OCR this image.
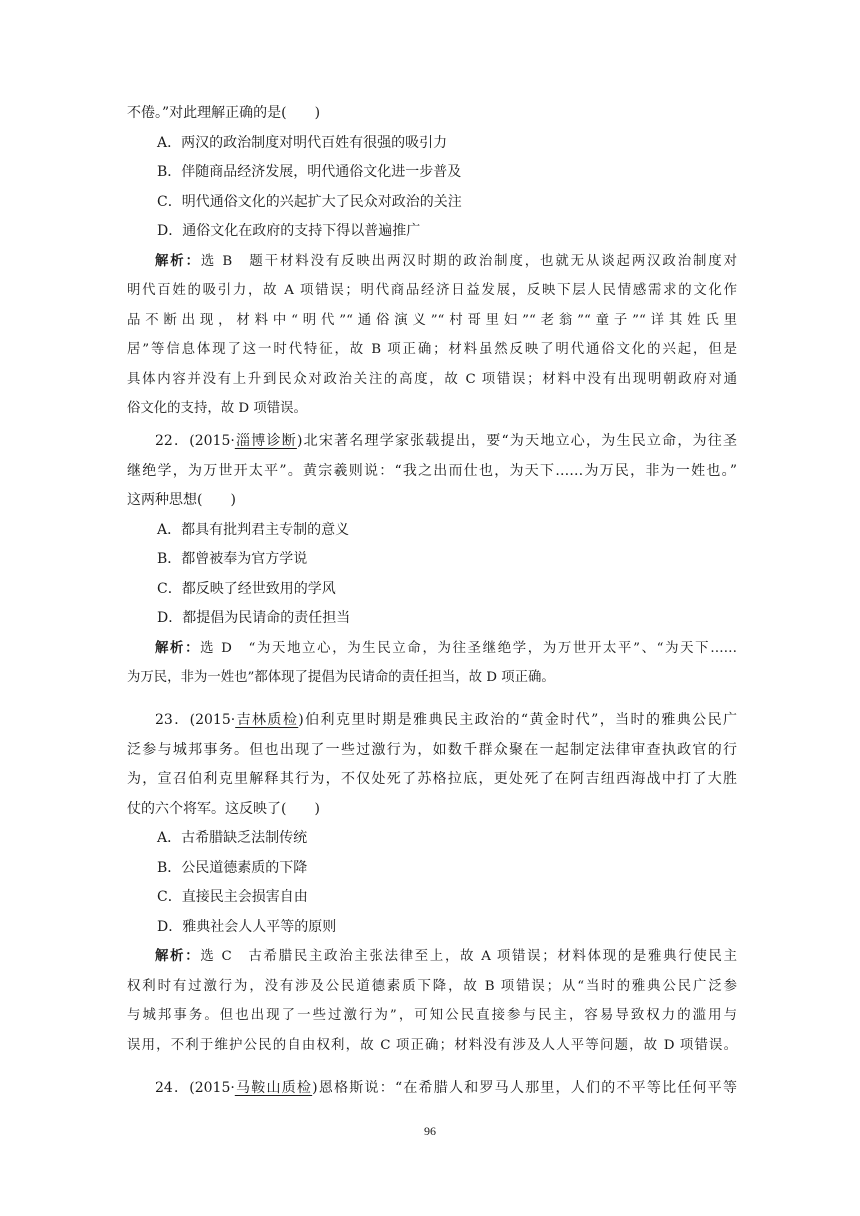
不倦。”对此理解正确的是(　　)
A．两汉的政治制度对明代百姓有很强的吸引力
B．伴随商品经济发展，明代通俗文化进一步普及
C．明代通俗文化的兴起扩大了民众对政治的关注
D．通俗文化在政府的支持下得以普遍推广
解析：选 B　题干材料没有反映出两汉时期的政治制度，也就无从谈起两汉政治制度对
明代百姓的吸引力，故 A 项错误；明代商品经济日益发展，反映下层人民情感需求的文化作
品不断出现，材料中“明代”“通俗演义”“村哥里妇”“老翁”“童子”“详其姓氏里
居”等信息体现了这一时代特征，故 B 项正确；材料虽然反映了明代通俗文化的兴起，但是
具体内容并没有上升到民众对政治关注的高度，故 C 项错误；材料中没有出现明朝政府对通
俗文化的支持，故 D 项错误。
22．(2015·淄博诊断)北宋著名理学家张载提出，要“为天地立心，为生民立命，为往圣
继绝学，为万世开太平”。黄宗羲则说：“我之出而仕也，为天下……为万民，非为一姓也。”
这两种思想(　　)
A．都具有批判君主专制的意义
B．都曾被奉为官方学说
C．都反映了经世致用的学风
D．都提倡为民请命的责任担当
解析：选 D　“为天地立心，为生民立命，为往圣继绝学，为万世开太平”、“为天下……
为万民，非为一姓也”都体现了提倡为民请命的责任担当，故 D 项正确。
23．(2015·吉林质检)伯利克里时期是雅典民主政治的“黄金时代”，当时的雅典公民广
泛参与城邦事务。但也出现了一些过激行为，如数千群众聚在一起制定法律审查执政官的行
为，宣召伯利克里解释其行为，不仅处死了苏格拉底，更处死了在阿吉纽西海战中打了大胜
仗的六个将军。这反映了(　　)
A．古希腊缺乏法制传统
B．公民道德素质的下降
C．直接民主会损害自由
D．雅典社会人人平等的原则
解析：选 C　古希腊民主政治主张法律至上，故 A 项错误；材料体现的是雅典行使民主
权利时有过激行为，没有涉及公民道德素质下降，故 B 项错误；从“当时的雅典公民广泛参
与城邦事务。但也出现了一些过激行为”，可知公民直接参与民主，容易导致权力的滥用与
误用，不利于维护公民的自由权利，故 C 项正确；材料没有涉及人人平等问题，故 D 项错误。
24．(2015·马鞍山质检)恩格斯说：“在希腊人和罗马人那里，人们的不平等比任何平等
96
